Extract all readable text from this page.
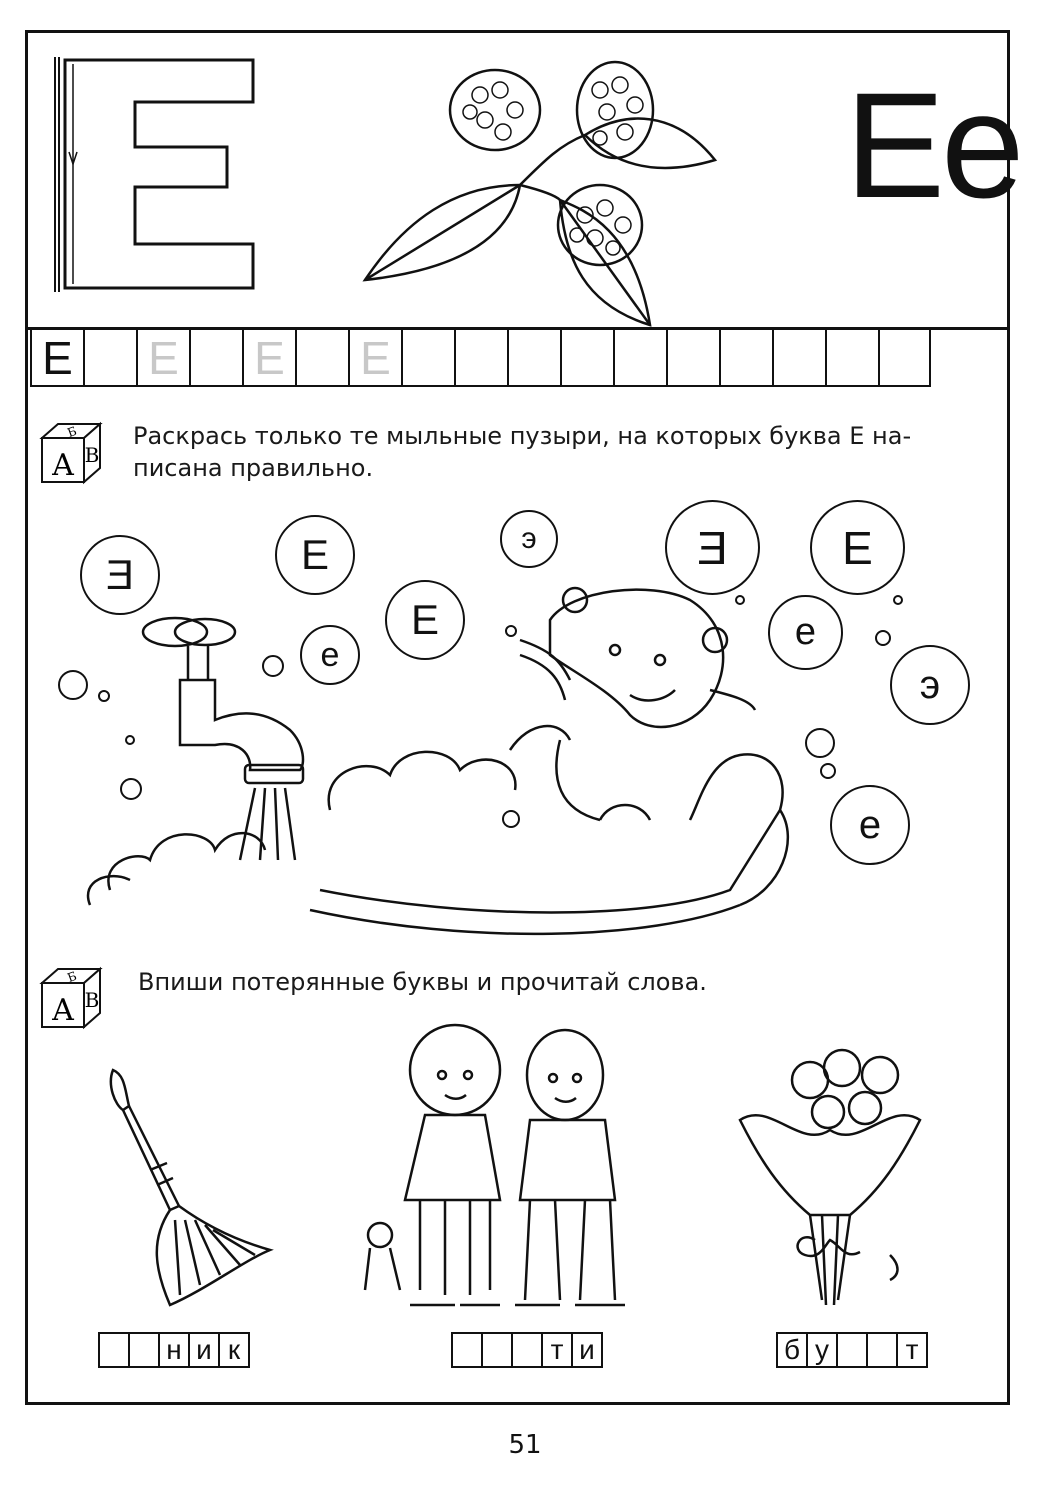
Ее
Е Е Е Е
А
Б
В
Раскрась только те мыльные пузыри, на которых буква Е на-
писана правильно.
Е	Е
Е
Е
е
е
е
э
э
Е
А
Б
В
Впиши потерянные буквы и прочитай слова.
н и к	т и	б у	т
51
